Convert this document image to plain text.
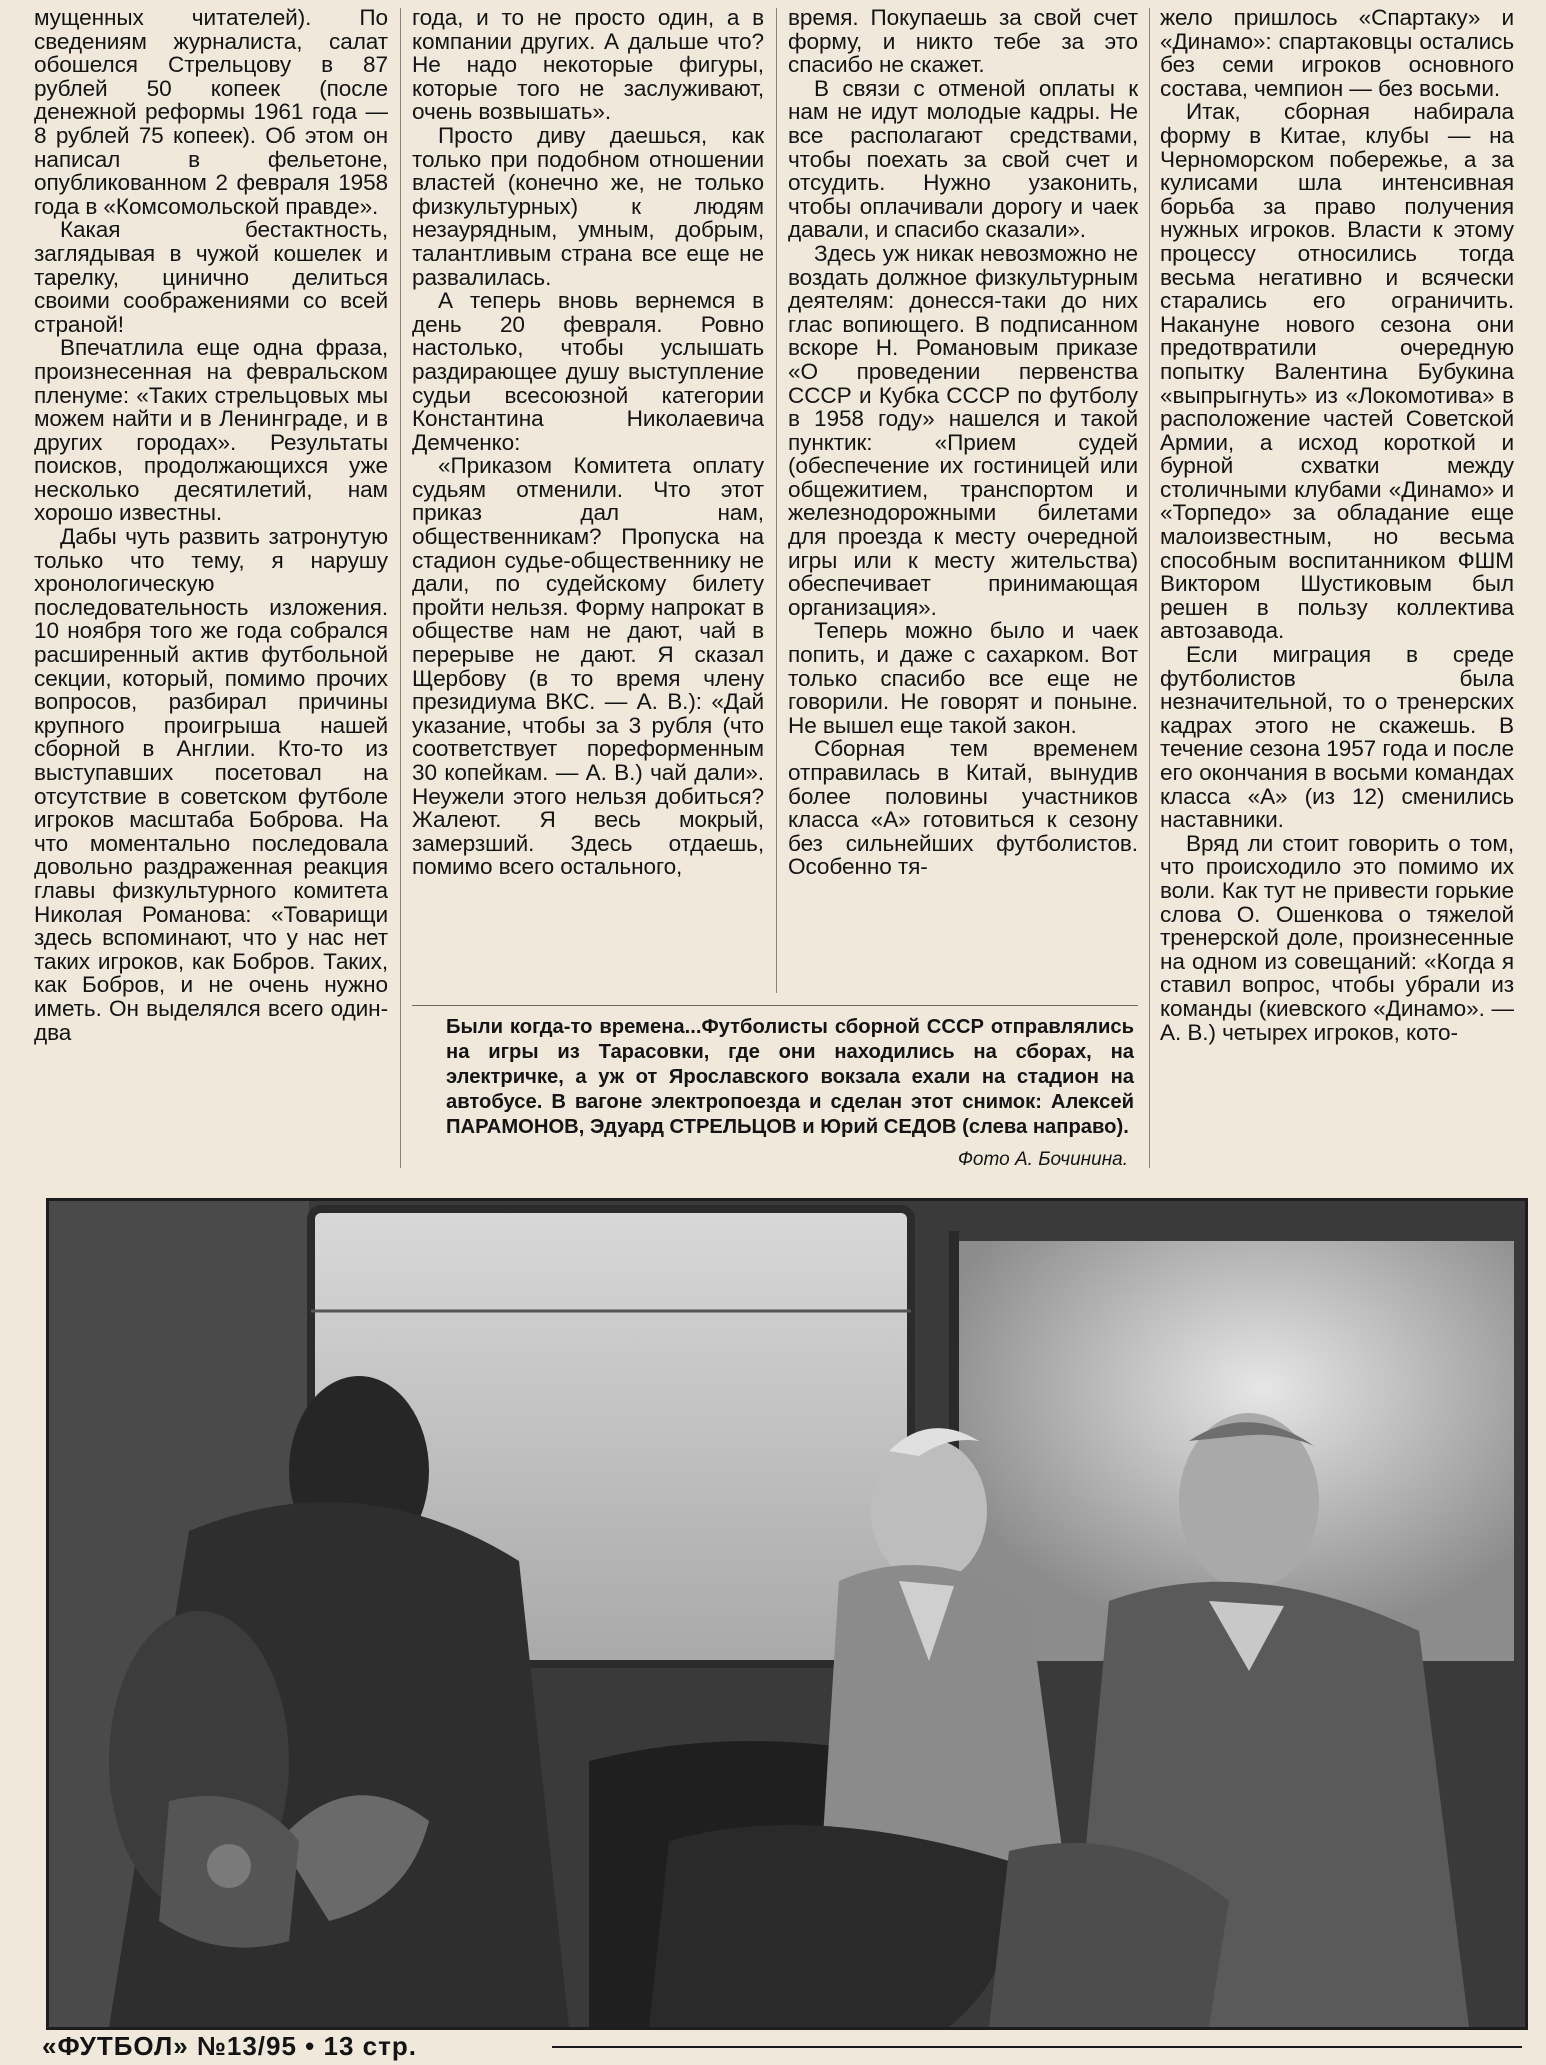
мущенных читателей). По сведениям журналиста, салат обошелся Стрельцову в 87 рублей 50 копеек (после денежной реформы 1961 года — 8 рублей 75 копеек). Об этом он написал в фельетоне, опубликованном 2 февраля 1958 года в «Комсомольской правде».

Какая бестактность, заглядывая в чужой кошелек и тарелку, цинично делиться своими соображениями со всей страной!

Впечатлила еще одна фраза, произнесенная на февральском пленуме: «Таких стрельцовых мы можем найти и в Ленинграде, и в других городах». Результаты поисков, продолжающихся уже несколько десятилетий, нам хорошо известны.

Дабы чуть развить затронутую только что тему, я нарушу хронологическую последовательность изложения. 10 ноября того же года собрался расширенный актив футбольной секции, который, помимо прочих вопросов, разбирал причины крупного проигрыша нашей сборной в Англии. Кто-то из выступавших посетовал на отсутствие в советском футболе игроков масштаба Боброва. На что моментально последовала довольно раздраженная реакция главы физкультурного комитета Николая Романова: «Товарищи здесь вспоминают, что у нас нет таких игроков, как Бобров. Таких, как Бобров, и не очень нужно иметь. Он выделялся всего один-два

года, и то не просто один, а в компании других. А дальше что? Не надо некоторые фигуры, которые того не заслуживают, очень возвышать».

Просто диву даешься, как только при подобном отношении властей (конечно же, не только физкультурных) к людям незаурядным, умным, добрым, талантливым страна все еще не развалилась.

А теперь вновь вернемся в день 20 февраля. Ровно настолько, чтобы услышать раздирающее душу выступление судьи всесоюзной категории Константина Николаевича Демченко:

«Приказом Комитета оплату судьям отменили. Что этот приказ дал нам, общественникам? Пропуска на стадион судье-общественнику не дали, по судейскому билету пройти нельзя. Форму напрокат в обществе нам не дают, чай в перерыве не дают. Я сказал Щербову (в то время члену президиума ВКС. — А. В.): «Дай указание, чтобы за 3 рубля (что соответствует пореформенным 30 копейкам. — А. В.) чай дали». Неужели этого нельзя добиться? Жалеют. Я весь мокрый, замерзший. Здесь отдаешь, помимо всего остального,

время. Покупаешь за свой счет форму, и никто тебе за это спасибо не скажет.

В связи с отменой оплаты к нам не идут молодые кадры. Не все располагают средствами, чтобы поехать за свой счет и отсудить. Нужно узаконить, чтобы оплачивали дорогу и чаек давали, и спасибо сказали».

Здесь уж никак невозможно не воздать должное физкультурным деятелям: донесся-таки до них глас вопиющего. В подписанном вскоре Н. Романовым приказе «О проведении первенства СССР и Кубка СССР по футболу в 1958 году» нашелся и такой пунктик: «Прием судей (обеспечение их гостиницей или общежитием, транспортом и железнодорожными билетами для проезда к месту очередной игры или к месту жительства) обеспечивает принимающая организация».

Теперь можно было и чаек попить, и даже с сахарком. Вот только спасибо все еще не говорили. Не говорят и поныне. Не вышел еще такой закон.

Сборная тем временем отправилась в Китай, вынудив более половины участников класса «А» готовиться к сезону без сильнейших футболистов. Особенно тя-

жело пришлось «Спартаку» и «Динамо»: спартаковцы остались без семи игроков основного состава, чемпион — без восьми.

Итак, сборная набирала форму в Китае, клубы — на Черноморском побережье, а за кулисами шла интенсивная борьба за право получения нужных игроков. Власти к этому процессу относились тогда весьма негативно и всячески старались его ограничить. Накануне нового сезона они предотвратили очередную попытку Валентина Бубукина «выпрыгнуть» из «Локомотива» в расположение частей Советской Армии, а исход короткой и бурной схватки между столичными клубами «Динамо» и «Торпедо» за обладание еще малоизвестным, но весьма способным воспитанником ФШМ Виктором Шустиковым был решен в пользу коллектива автозавода.

Если миграция в среде футболистов была незначительной, то о тренерских кадрах этого не скажешь. В течение сезона 1957 года и после его окончания в восьми командах класса «А» (из 12) сменились наставники.

Вряд ли стоит говорить о том, что происходило это помимо их воли. Как тут не привести горькие слова О. Ошенкова о тяжелой тренерской доле, произнесенные на одном из совещаний: «Когда я ставил вопрос, чтобы убрали из команды (киевского «Динамо». — А. В.) четырех игроков, кото-

Были когда-то времена...Футболисты сборной СССР отправлялись на игры из Тарасовки, где они находились на сборах, на электричке, а уж от Ярославского вокзала ехали на стадион на автобусе. В вагоне электропоезда и сделан этот снимок: Алексей ПАРАМОНОВ, Эдуард СТРЕЛЬЦОВ и Юрий СЕДОВ (слева направо).
Фото А. Бочинина.
«ФУТБОЛ» №13/95 • 13 стр.
